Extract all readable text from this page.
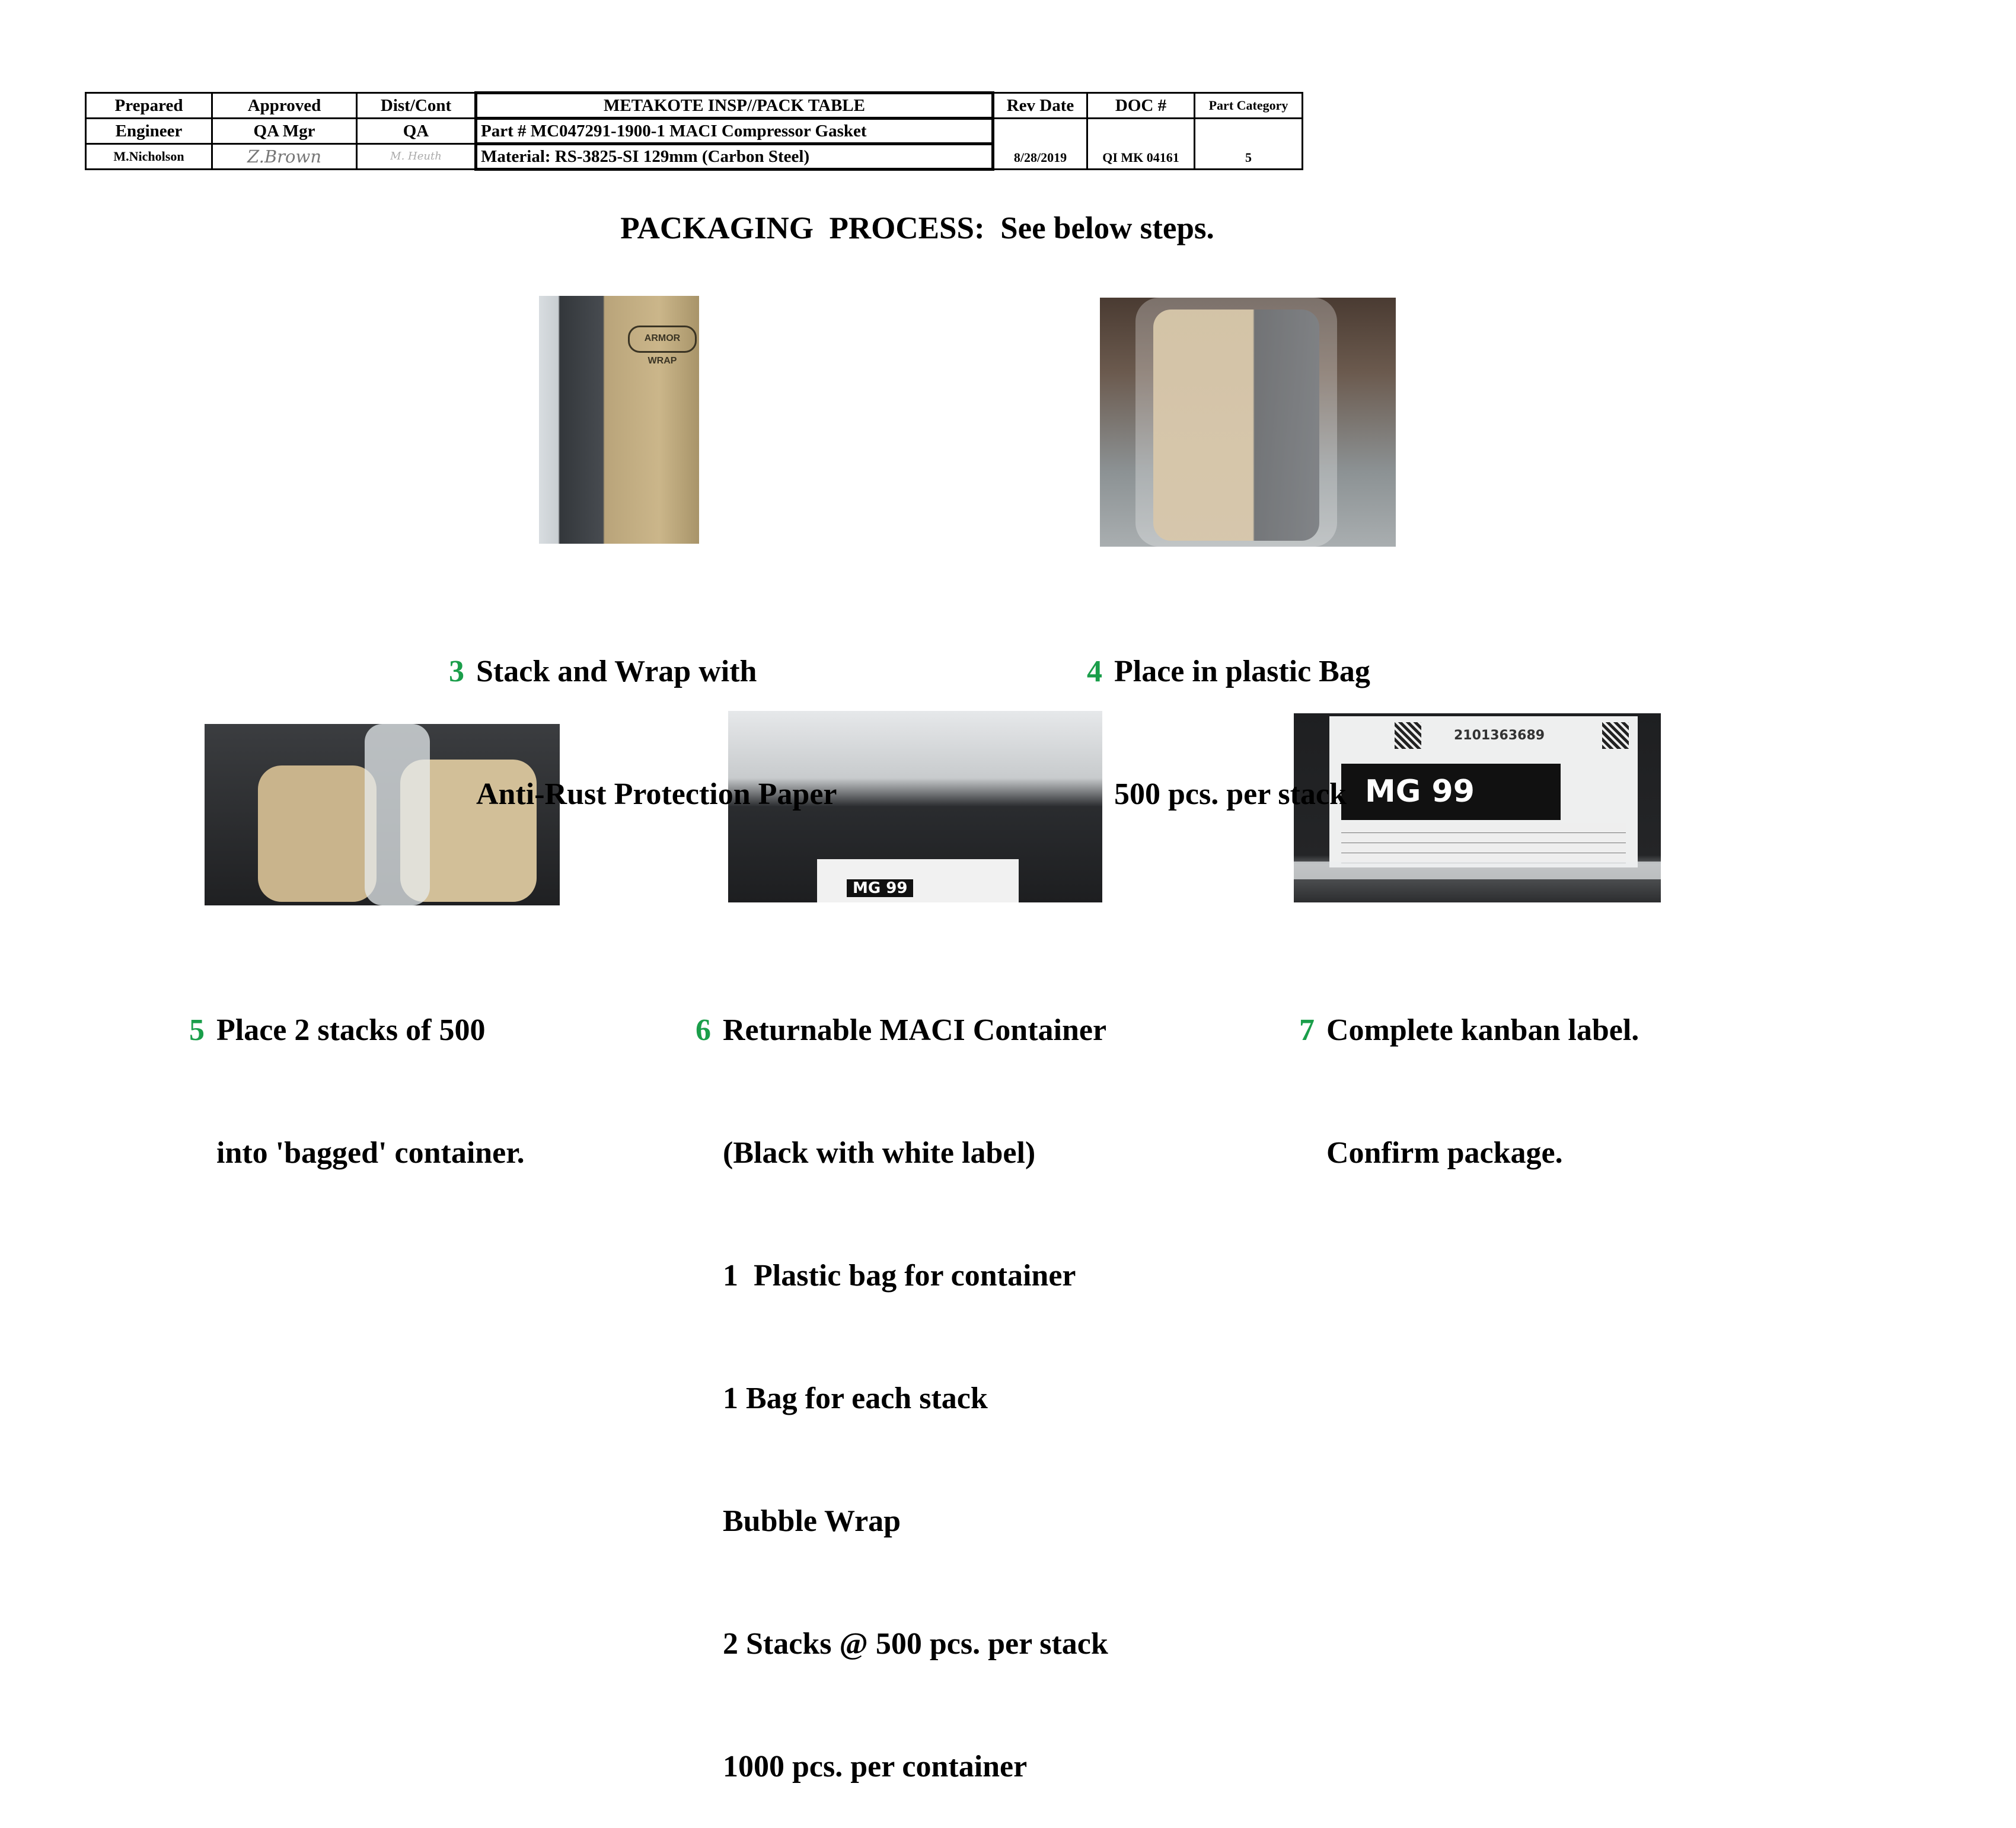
Prepared	Approved	Dist/Cont	METAKOTE INSP//PACK TABLE	Rev Date	DOC #	Part Category
Engineer	QA Mgr	QA	Part # MC047291-1900-1 MACI Compressor Gasket	8/28/2019	QI MK 04161	5
M.Nicholson	Z.Brown	M. Heuth	Material: RS-3825-SI 129mm (Carbon Steel)			
PACKAGING  PROCESS:  See below steps.
ARMOR WRAP
MG 99
2101363689
MG 99

3 Stack and Wrap with

Anti-Rust Protection Paper

4 Place in plastic Bag

500 pcs. per stack

5 Place 2 stacks of 500

into 'bagged' container.

6 Returnable MACI Container

(Black with white label)

1  Plastic bag for container

1 Bag for each stack

Bubble Wrap

2 Stacks @ 500 pcs. per stack

1000 pcs. per container

7 Complete kanban label.

Confirm package.
